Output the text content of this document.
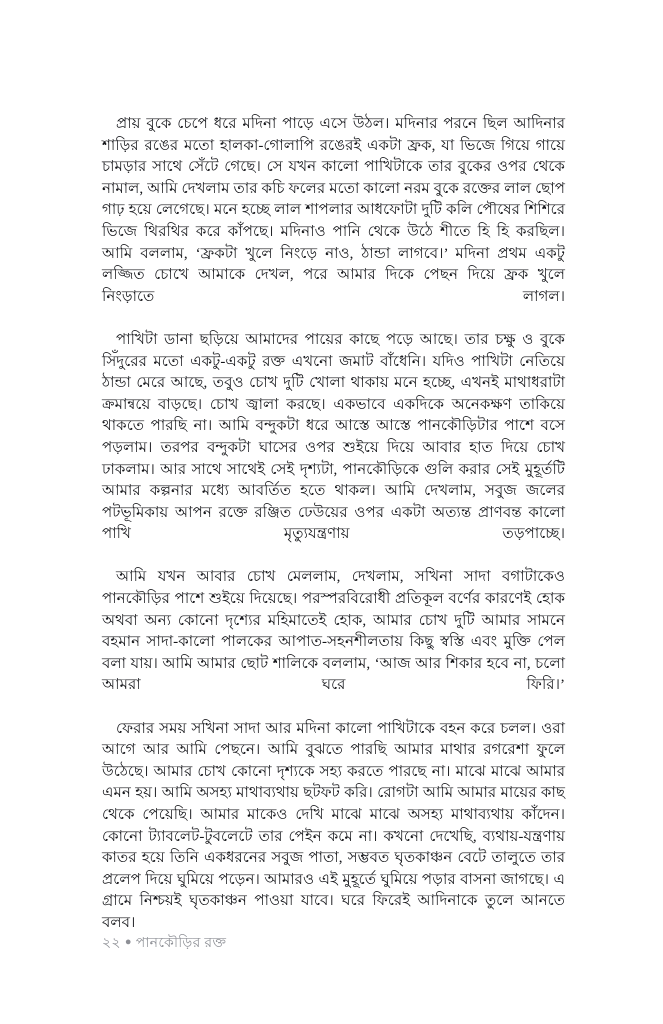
প্রায় বুকে চেপে ধরে মদিনা পাড়ে এসে উঠল। মদিনার পরনে ছিল আদিনার শাড়ির রঙের মতো হালকা-গোলাপি রঙেরই একটা ফ্রক, যা ভিজে গিয়ে গায়ে চামড়ার সাথে সেঁটে গেছে। সে যখন কালো পাখিটাকে তার বুকের ওপর থেকে নামাল, আমি দেখলাম তার কচি ফলের মতো কালো নরম বুকে রক্তের লাল ছোপ গাঢ় হয়ে লেগেছে। মনে হচ্ছে লাল শাপলার আধফোটা দুটি কলি পৌষের শিশিরে ভিজে থিরথির করে কাঁপছে। মদিনাও পানি থেকে উঠে শীতে হি হি করছিল। আমি বললাম, ‘ফ্রকটা খুলে নিংড়ে নাও, ঠান্ডা লাগবে।’ মদিনা প্রথম একটু লজ্জিত চোখে আমাকে দেখল, পরে আমার দিকে পেছন দিয়ে ফ্রক খুলে নিংড়াতে লাগল।

পাখিটা ডানা ছড়িয়ে আমাদের পায়ের কাছে পড়ে আছে। তার চক্ষু ও বুকে সিঁদুরের মতো একটু-একটু রক্ত এখনো জমাট বাঁধেনি। যদিও পাখিটা নেতিয়ে ঠান্ডা মেরে আছে, তবুও চোখ দুটি খোলা থাকায় মনে হচ্ছে, এখনই মাথাধরাটা ক্রমান্বয়ে বাড়ছে। চোখ জ্বালা করছে। একভাবে একদিকে অনেকক্ষণ তাকিয়ে থাকতে পারছি না। আমি বন্দুকটা ধরে আস্তে আস্তে পানকৌড়িটার পাশে বসে পড়লাম। তরপর বন্দুকটা ঘাসের ওপর শুইয়ে দিয়ে আবার হাত দিয়ে চোখ ঢাকলাম। আর সাথে সাথেই সেই দৃশ্যটা, পানকৌড়িকে গুলি করার সেই মুহূর্তটি আমার কল্পনার মধ্যে আবর্তিত হতে থাকল। আমি দেখলাম, সবুজ জলের পটভূমিকায় আপন রক্তে রঞ্জিত ঢেউয়ের ওপর একটা অত্যন্ত প্রাণবন্ত কালো পাখি মৃত্যুযন্ত্রণায় তড়পাচ্ছে।

আমি যখন আবার চোখ মেললাম, দেখলাম, সখিনা সাদা বগাটাকেও পানকৌড়ির পাশে শুইয়ে দিয়েছে। পরস্পরবিরোধী প্রতিকূল বর্ণের কারণেই হোক অথবা অন্য কোনো দৃশ্যের মহিমাতেই হোক, আমার চোখ দুটি আমার সামনে বহমান সাদা-কালো পালকের আপাত-সহনশীলতায় কিছু স্বস্তি এবং মুক্তি পেল বলা যায়। আমি আমার ছোট শালিকে বললাম, ‘আজ আর শিকার হবে না, চলো আমরা ঘরে ফিরি।’

ফেরার সময় সখিনা সাদা আর মদিনা কালো পাখিটাকে বহন করে চলল। ওরা আগে আর আমি পেছনে। আমি বুঝতে পারছি আমার মাথার রগরেশা ফুলে উঠেছে। আমার চোখ কোনো দৃশ্যকে সহ্য করতে পারছে না। মাঝে মাঝে আমার এমন হয়। আমি অসহ্য মাথাব্যথায় ছটফট করি। রোগটা আমি আমার মায়ের কাছ থেকে পেয়েছি। আমার মাকেও দেখি মাঝে মাঝে অসহ্য মাথাব্যথায় কাঁদেন। কোনো ট্যাবলেট-টুবলেটে তার পেইন কমে না। কখনো দেখেছি, ব্যথায়-যন্ত্রণায় কাতর হয়ে তিনি একধরনের সবুজ পাতা, সম্ভবত ঘৃতকাঞ্চন বেটে তালুতে তার প্রলেপ দিয়ে ঘুমিয়ে পড়েন। আমারও এই মুহূর্তে ঘুমিয়ে পড়ার বাসনা জাগছে। এ গ্রামে নিশ্চয়ই ঘৃতকাঞ্চন পাওয়া যাবে। ঘরে ফিরেই আদিনাকে তুলে আনতে বলব।

২২ ● পানকৌড়ির রক্ত
